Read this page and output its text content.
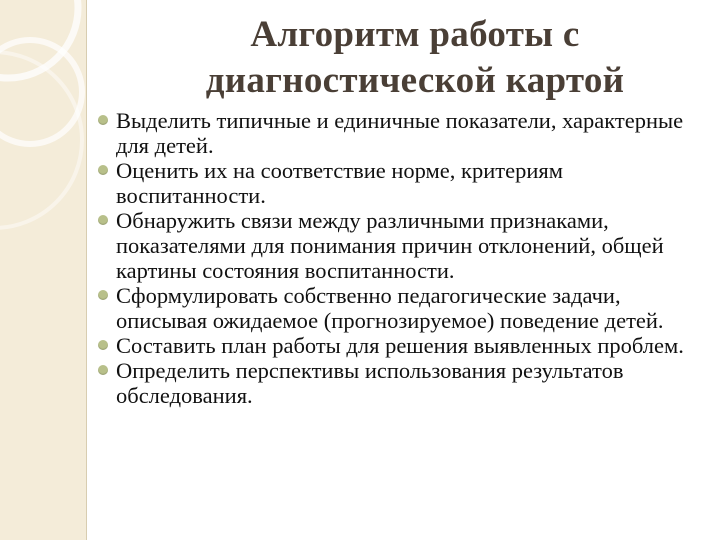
Алгоритм работы с
диагностической картой
Выделить типичные и единичные показатели, характерные для детей.
Оценить их на соответствие норме, критериям воспитанности.
Обнаружить связи между различными признаками, показателями для понимания причин отклонений, общей картины состояния воспитанности.
Сформулировать собственно педагогические задачи, описывая ожидаемое (прогнозируемое) поведение детей.
Составить план работы для решения выявленных проблем.
Определить перспективы использования результатов обследования.
